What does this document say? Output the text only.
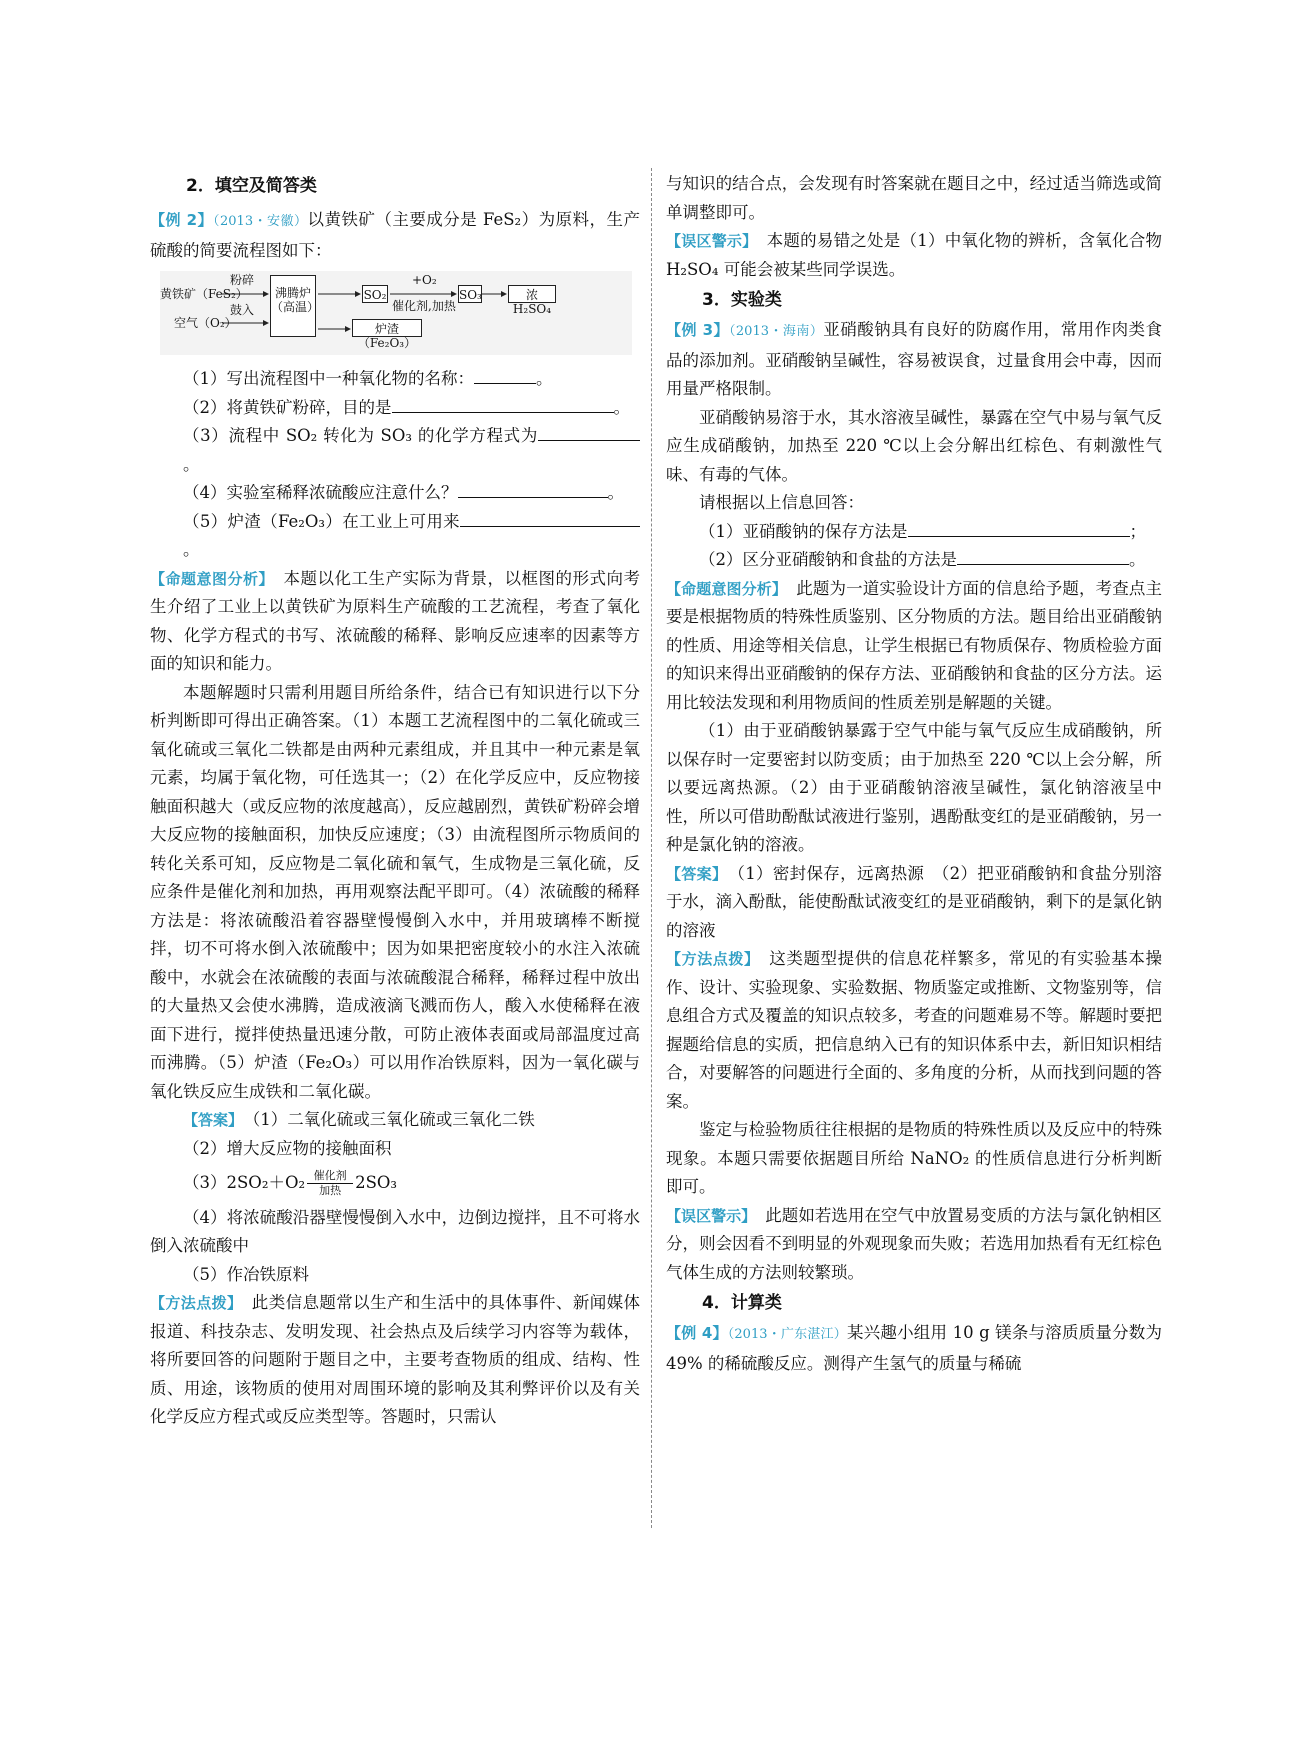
2．填空及简答类

【例 2】（2013・安徽）以黄铁矿（主要成分是 FeS₂）为原料，生产硫酸的简要流程图如下：

黄铁矿（FeS₂）
粉碎
空气（O₂）
鼓入
沸腾炉
（高温）
SO₂
+O₂
催化剂,加热
SO₃	浓 H₂SO₄
炉渣（Fe₂O₃）

（1）写出流程图中一种氧化物的名称：	。

（2）将黄铁矿粉碎，目的是	。

（3）流程中 SO₂ 转化为 SO₃ 的化学方程式为。

（4）实验室稀释浓硫酸应注意什么？	。

（5）炉渣（Fe₂O₃）在工业上可用来。

【命题意图分析】　 本题以化工生产实际为背景，以框图的形式向考生介绍了工业上以黄铁矿为原料生产硫酸的工艺流程，考查了氧化物、化学方程式的书写、浓硫酸的稀释、影响反应速率的因素等方面的知识和能力。

本题解题时只需利用题目所给条件，结合已有知识进行以下分析判断即可得出正确答案。（1）本题工艺流程图中的二氧化硫或三氧化硫或三氧化二铁都是由两种元素组成，并且其中一种元素是氧元素，均属于氧化物，可任选其一；（2）在化学反应中，反应物接触面积越大（或反应物的浓度越高），反应越剧烈，黄铁矿粉碎会增大反应物的接触面积，加快反应速度；（3）由流程图所示物质间的转化关系可知，反应物是二氧化硫和氧气，生成物是三氧化硫，反应条件是催化剂和加热，再用观察法配平即可。（4）浓硫酸的稀释方法是：将浓硫酸沿着容器壁慢慢倒入水中，并用玻璃棒不断搅拌，切不可将水倒入浓硫酸中；因为如果把密度较小的水注入浓硫酸中，水就会在浓硫酸的表面与浓硫酸混合稀释，稀释过程中放出的大量热又会使水沸腾，造成液滴飞溅而伤人，酸入水使稀释在液面下进行，搅拌使热量迅速分散，可防止液体表面或局部温度过高而沸腾。（5）炉渣（Fe₂O₃）可以用作冶铁原料，因为一氧化碳与氧化铁反应生成铁和二氧化碳。

【答案】　 （1）二氧化硫或三氧化硫或三氧化二铁

（2）增大反应物的接触面积

（3）2SO₂＋O₂ 催化剂
加热 2SO₃

（4）将浓硫酸沿器壁慢慢倒入水中，边倒边搅拌，且不可将水倒入浓硫酸中

（5）作冶铁原料

【方法点拨】　 此类信息题常以生产和生活中的具体事件、新闻媒体报道、科技杂志、发明发现、社会热点及后续学习内容等为载体，将所要回答的问题附于题目之中，主要考查物质的组成、结构、性质、用途，该物质的使用对周围环境的影响及其利弊评价以及有关化学反应方程式或反应类型等。答题时，只需认

与知识的结合点，会发现有时答案就在题目之中，经过适当筛选或简单调整即可。

【误区警示】　 本题的易错之处是（1）中氧化物的辨析，含氧化合物 H₂SO₄ 可能会被某些同学误选。

3．实验类

【例 3】（2013・海南）亚硝酸钠具有良好的防腐作用，常用作肉类食品的添加剂。亚硝酸钠呈碱性，容易被误食，过量食用会中毒，因而用量严格限制。

亚硝酸钠易溶于水，其水溶液呈碱性，暴露在空气中易与氧气反应生成硝酸钠，加热至 220 ℃以上会分解出红棕色、有刺激性气味、有毒的气体。

请根据以上信息回答：

（1）亚硝酸钠的保存方法是	；

（2）区分亚硝酸钠和食盐的方法是	。

【命题意图分析】　 此题为一道实验设计方面的信息给予题，考查点主要是根据物质的特殊性质鉴别、区分物质的方法。题目给出亚硝酸钠的性质、用途等相关信息，让学生根据已有物质保存、物质检验方面的知识来得出亚硝酸钠的保存方法、亚硝酸钠和食盐的区分方法。运用比较法发现和利用物质间的性质差别是解题的关键。

（1）由于亚硝酸钠暴露于空气中能与氧气反应生成硝酸钠，所以保存时一定要密封以防变质；由于加热至 220 ℃以上会分解，所以要远离热源。（2）由于亚硝酸钠溶液呈碱性，氯化钠溶液呈中性，所以可借助酚酞试液进行鉴别，遇酚酞变红的是亚硝酸钠，另一种是氯化钠的溶液。

【答案】　 （1）密封保存，远离热源　（2）把亚硝酸钠和食盐分别溶于水，滴入酚酞，能使酚酞试液变红的是亚硝酸钠，剩下的是氯化钠的溶液

【方法点拨】　 这类题型提供的信息花样繁多，常见的有实验基本操作、设计、实验现象、实验数据、物质鉴定或推断、文物鉴别等，信息组合方式及覆盖的知识点较多，考查的问题难易不等。解题时要把握题给信息的实质，把信息纳入已有的知识体系中去，新旧知识相结合，对要解答的问题进行全面的、多角度的分析，从而找到问题的答案。

鉴定与检验物质往往根据的是物质的特殊性质以及反应中的特殊现象。本题只需要依据题目所给 NaNO₂ 的性质信息进行分析判断即可。

【误区警示】　 此题如若选用在空气中放置易变质的方法与氯化钠相区分，则会因看不到明显的外观现象而失败；若选用加热看有无红棕色气体生成的方法则较繁琐。

4．计算类

【例 4】（2013・广东湛江）某兴趣小组用 10 g 镁条与溶质质量分数为 49% 的稀硫酸反应。测得产生氢气的质量与稀硫
